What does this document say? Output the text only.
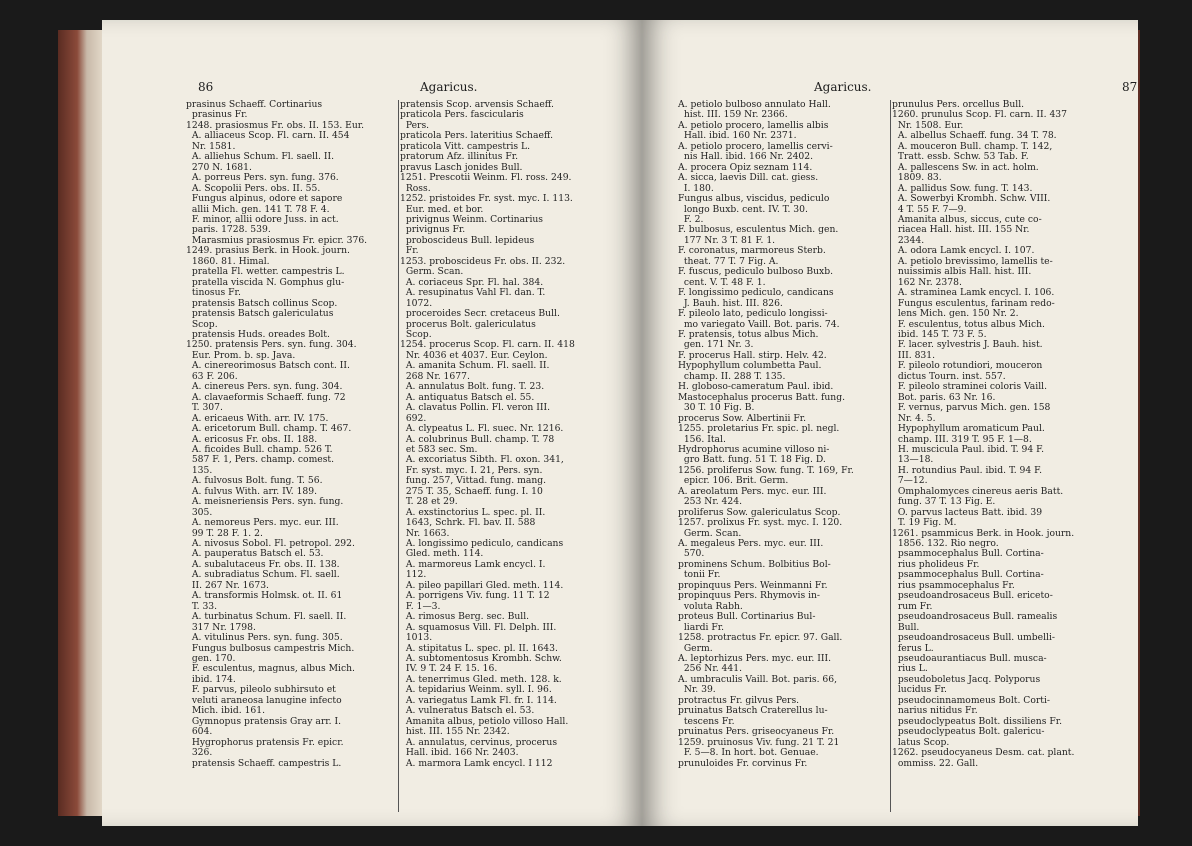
86	Agaricus.
prasinus Schaeff. Cortinarius
prasinus Fr.
1248. prasiosmus Fr. obs. II. 153. Eur.
A. alliaceus Scop. Fl. carn. II. 454
Nr. 1581.
A. alliehus Schum. Fl. saell. II.
270 N. 1681.
A. porreus Pers. syn. fung. 376.
A. Scopolii Pers. obs. II. 55.
Fungus alpinus, odore et sapore
allii Mich. gen. 141 T. 78 F. 4.
F. minor, allii odore Juss. in act.
paris. 1728. 539.
Marasmius prasiosmus Fr. epicr. 376.
1249. prasius Berk. in Hook. journ.
1860. 81. Himal.
pratella Fl. wetter. campestris L.
pratella viscida N. Gomphus glu-
tinosus Fr.
pratensis Batsch collinus Scop.
pratensis Batsch galericulatus
Scop.
pratensis Huds. oreades Bolt.
1250. pratensis Pers. syn. fung. 304.
Eur. Prom. b. sp. Java.
A. cinereorimosus Batsch cont. II.
63 F. 206.
A. cinereus Pers. syn. fung. 304.
A. clavaeformis Schaeff. fung. 72
T. 307.
A. ericaeus With. arr. IV. 175.
A. ericetorum Bull. champ. T. 467.
A. ericosus Fr. obs. II. 188.
A. ficoides Bull. champ. 526 T.
587 F. 1, Pers. champ. comest.
135.
A. fulvosus Bolt. fung. T. 56.
A. fulvus With. arr. IV. 189.
A. meisneriensis Pers. syn. fung.
305.
A. nemoreus Pers. myc. eur. III.
99 T. 28 F. 1. 2.
A. nivosus Sobol. Fl. petropol. 292.
A. pauperatus Batsch el. 53.
A. subalutaceus Fr. obs. II. 138.
A. subradiatus Schum. Fl. saell.
II. 267 Nr. 1673.
A. transformis Holmsk. ot. II. 61
T. 33.
A. turbinatus Schum. Fl. saell. II.
317 Nr. 1798.
A. vitulinus Pers. syn. fung. 305.
Fungus bulbosus campestris Mich.
gen. 170.
F. esculentus, magnus, albus Mich.
ibid. 174.
F. parvus, pileolo subhirsuto et
veluti araneosa lanugine infecto
Mich. ibid. 161.
Gymnopus pratensis Gray arr. I.
604.
Hygrophorus pratensis Fr. epicr.
326.
pratensis Schaeff. campestris L.
pratensis Scop. arvensis Schaeff.
praticola Pers. fascicularis
Pers.
praticola Pers. lateritius Schaeff.
praticola Vitt. campestris L.
pratorum Afz. illinitus Fr.
pravus Lasch jonides Bull.
1251. Prescotii Weinm. Fl. ross. 249.
Ross.
1252. pristoides Fr. syst. myc. I. 113.
Eur. med. et bor.
privignus Weinm. Cortinarius
privignus Fr.
proboscideus Bull. lepideus
Fr.
1253. proboscideus Fr. obs. II. 232.
Germ. Scan.
A. coriaceus Spr. Fl. hal. 384.
A. resupinatus Vahl Fl. dan. T.
1072.
proceroides Secr. cretaceus Bull.
procerus Bolt. galericulatus
Scop.
1254. procerus Scop. Fl. carn. II. 418
Nr. 4036 et 4037. Eur. Ceylon.
A. amanita Schum. Fl. saell. II.
268 Nr. 1677.
A. annulatus Bolt. fung. T. 23.
A. antiquatus Batsch el. 55.
A. clavatus Pollin. Fl. veron III.
692.
A. clypeatus L. Fl. suec. Nr. 1216.
A. colubrinus Bull. champ. T. 78
et 583 sec. Sm.
A. excoriatus Sibth. Fl. oxon. 341,
Fr. syst. myc. I. 21, Pers. syn.
fung. 257, Vittad. fung. mang.
275 T. 35, Schaeff. fung. I. 10
T. 28 et 29.
A. exstinctorius L. spec. pl. II.
1643, Schrk. Fl. bav. II. 588
Nr. 1663.
A. longissimo pediculo, candicans
Gled. meth. 114.
A. marmoreus Lamk encycl. I.
112.
A. pileo papillari Gled. meth. 114.
A. porrigens Viv. fung. 11 T. 12
F. 1—3.
A. rimosus Berg. sec. Bull.
A. squamosus Vill. Fl. Delph. III.
1013.
A. stipitatus L. spec. pl. II. 1643.
A. subtomentosus Krombh. Schw.
IV. 9 T. 24 F. 15. 16.
A. tenerrimus Gled. meth. 128. k.
A. tepidarius Weinm. syll. I. 96.
A. variegatus Lamk Fl. fr. I. 114.
A. vulneratus Batsch el. 53.
Amanita albus, petiolo villoso Hall.
hist. III. 155 Nr. 2342.
A. annulatus, cervinus, procerus
Hall. ibid. 166 Nr. 2403.
A. marmora Lamk encycl. I 112
Agaricus.	87
A. petiolo bulboso annulato Hall.
hist. III. 159 Nr. 2366.
A. petiolo procero, lamellis albis
Hall. ibid. 160 Nr. 2371.
A. petiolo procero, lamellis cervi-
nis Hall. ibid. 166 Nr. 2402.
A. procera Opiz seznam 114.
A. sicca, laevis Dill. cat. giess.
I. 180.
Fungus albus, viscidus, pediculo
longo Buxb. cent. IV. T. 30.
F. 2.
F. bulbosus, esculentus Mich. gen.
177 Nr. 3 T. 81 F. 1.
F. coronatus, marmoreus Sterb.
theat. 77 T. 7 Fig. A.
F. fuscus, pediculo bulboso Buxb.
cent. V. T. 48 F. 1.
F. longissimo pediculo, candicans
J. Bauh. hist. III. 826.
F. pileolo lato, pediculo longissi-
mo variegato Vaill. Bot. paris. 74.
F. pratensis, totus albus Mich.
gen. 171 Nr. 3.
F. procerus Hall. stirp. Helv. 42.
Hypophyllum columbetta Paul.
champ. II. 288 T. 135.
H. globoso-cameratum Paul. ibid.
Mastocephalus procerus Batt. fung.
30 T. 10 Fig. B.
procerus Sow. Albertinii Fr.
1255. proletarius Fr. spic. pl. negl.
156. Ital.
Hydrophorus acumine villoso ni-
gro Batt. fung. 51 T. 18 Fig. D.
1256. proliferus Sow. fung. T. 169, Fr.
epicr. 106. Brit. Germ.
A. areolatum Pers. myc. eur. III.
253 Nr. 424.
proliferus Sow. galericulatus Scop.
1257. prolixus Fr. syst. myc. I. 120.
Germ. Scan.
A. megaleus Pers. myc. eur. III.
570.
prominens Schum. Bolbitius Bol-
tonii Fr.
propinquus Pers. Weinmanni Fr.
propinquus Pers. Rhymovis in-
voluta Rabh.
proteus Bull. Cortinarius Bul-
liardi Fr.
1258. protractus Fr. epicr. 97. Gall.
Germ.
A. leptorhizus Pers. myc. eur. III.
256 Nr. 441.
A. umbraculis Vaill. Bot. paris. 66,
Nr. 39.
protractus Fr. gilvus Pers.
pruinatus Batsch Craterellus lu-
tescens Fr.
pruinatus Pers. griseocyaneus Fr.
1259. pruinosus Viv. fung. 21 T. 21
F. 5—8. In hort. bot. Genuae.
prunuloides Fr. corvinus Fr.
prunulus Pers. orcellus Bull.
1260. prunulus Scop. Fl. carn. II. 437
Nr. 1508. Eur.
A. albellus Schaeff. fung. 34 T. 78.
A. mouceron Bull. champ. T. 142,
Tratt. essb. Schw. 53 Tab. F.
A. pallescens Sw. in act. holm.
1809. 83.
A. pallidus Sow. fung. T. 143.
A. Sowerbyi Krombh. Schw. VIII.
4 T. 55 F. 7—9.
Amanita albus, siccus, cute co-
riacea Hall. hist. III. 155 Nr.
2344.
A. odora Lamk encycl. I. 107.
A. petiolo brevissimo, lamellis te-
nuissimis albis Hall. hist. III.
162 Nr. 2378.
A. straminea Lamk encycl. I. 106.
Fungus esculentus, farinam redo-
lens Mich. gen. 150 Nr. 2.
F. esculentus, totus albus Mich.
ibid. 145 T. 73 F. 5.
F. lacer. sylvestris J. Bauh. hist.
III. 831.
F. pileolo rotundiori, mouceron
dictus Tourn. inst. 557.
F. pileolo straminei coloris Vaill.
Bot. paris. 63 Nr. 16.
F. vernus, parvus Mich. gen. 158
Nr. 4. 5.
Hypophyllum aromaticum Paul.
champ. III. 319 T. 95 F. 1—8.
H. muscicula Paul. ibid. T. 94 F.
13—18.
H. rotundius Paul. ibid. T. 94 F.
7—12.
Omphalomyces cinereus aeris Batt.
fung. 37 T. 13 Fig. E.
O. parvus lacteus Batt. ibid. 39
T. 19 Fig. M.
1261. psammicus Berk. in Hook. journ.
1856. 132. Rio negro.
psammocephalus Bull. Cortina-
rius pholideus Fr.
psammocephalus Bull. Cortina-
rius psammocephalus Fr.
pseudoandrosaceus Bull. ericeto-
rum Fr.
pseudoandrosaceus Bull. ramealis
Bull.
pseudoandrosaceus Bull. umbelli-
ferus L.
pseudoaurantiacus Bull. musca-
rius L.
pseudoboletus Jacq. Polyporus
lucidus Fr.
pseudocinnamomeus Bolt. Corti-
narius nitidus Fr.
pseudoclypeatus Bolt. dissiliens Fr.
pseudoclypeatus Bolt. galericu-
latus Scop.
1262. pseudocyaneus Desm. cat. plant.
ommiss. 22. Gall.
